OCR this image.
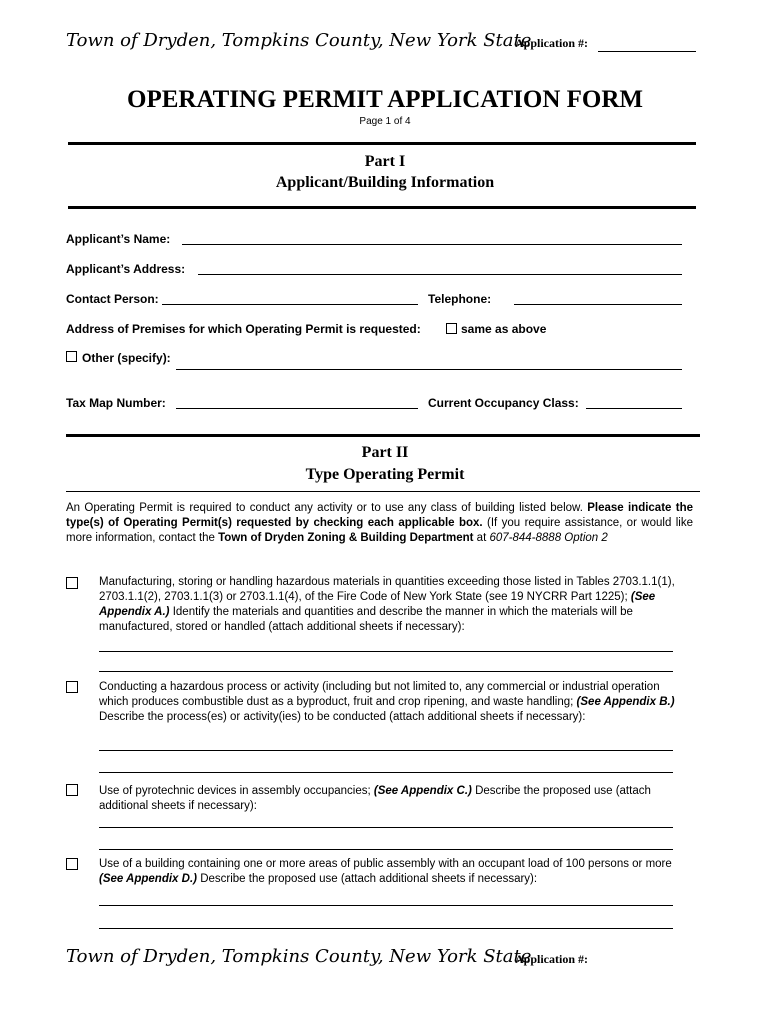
Town of Dryden, Tompkins County, New York State
Application #:
OPERATING PERMIT APPLICATION FORM
Page 1 of 4
Part I
Applicant/Building Information
Applicant’s Name:
Applicant’s Address:
Contact Person:	Telephone:
Address of Premises for which Operating Permit is requested:	same as above
Other (specify):
Tax Map Number:	Current Occupancy Class:
Part II
Type Operating Permit
An Operating Permit is required to conduct any activity or to use any class of building listed below. Please indicate the type(s) of Operating Permit(s) requested by checking each applicable box. (If you require assistance, or would like more information, contact the Town of Dryden Zoning & Building Department at 607-844-8888 Option 2
Manufacturing, storing or handling hazardous materials in quantities exceeding those listed in Tables 2703.1.1(1), 2703.1.1(2), 2703.1.1(3) or 2703.1.1(4), of the Fire Code of New York State (see 19 NYCRR Part 1225); (See Appendix A.) Identify the materials and quantities and describe the manner in which the materials will be manufactured, stored or handled (attach additional sheets if necessary):
Conducting a hazardous process or activity (including but not limited to, any commercial or industrial operation which produces combustible dust as a byproduct, fruit and crop ripening, and waste handling; (See Appendix B.) Describe the process(es) or activity(ies) to be conducted (attach additional sheets if necessary):
Use of pyrotechnic devices in assembly occupancies; (See Appendix C.) Describe the proposed use (attach additional sheets if necessary):
Use of a building containing one or more areas of public assembly with an occupant load of 100 persons or more (See Appendix D.) Describe the proposed use (attach additional sheets if necessary):
Town of Dryden, Tompkins County, New York State
Application #:
